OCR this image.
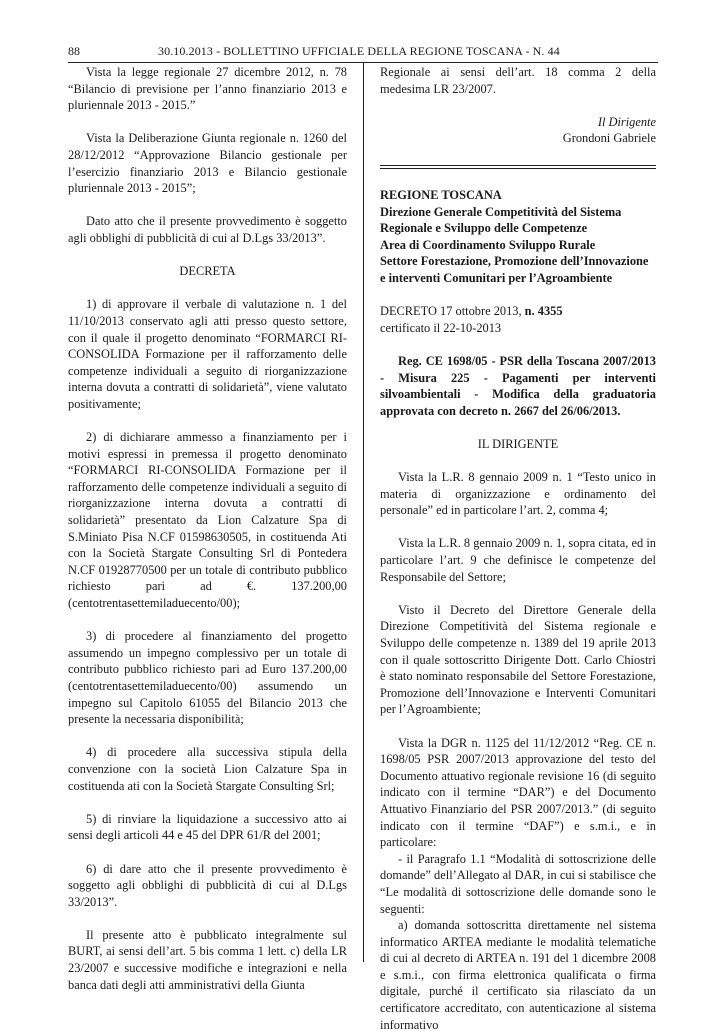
88	30.10.2013 - BOLLETTINO UFFICIALE DELLA REGIONE TOSCANA - N. 44

Vista la legge regionale 27 dicembre 2012, n. 78 “Bilancio di previsione per l’anno finanziario 2013 e pluriennale 2013 - 2015.”

Vista la Deliberazione Giunta regionale n. 1260 del 28/12/2012 “Approvazione Bilancio gestionale per l’esercizio finanziario 2013 e Bilancio gestionale pluriennale 2013 - 2015”;

Dato atto che il presente provvedimento è soggetto agli obblighi di pubblicità di cui al D.Lgs 33/2013”.

DECRETA

1) di approvare il verbale di valutazione n. 1 del 11/10/2013 conservato agli atti presso questo settore, con il quale il progetto denominato “FORMARCI RI-CONSOLIDA Formazione per il rafforzamento delle competenze individuali a seguito di riorganizzazione interna dovuta a contratti di solidarietà”, viene valutato positivamente;

2) di dichiarare ammesso a finanziamento per i motivi espressi in premessa il progetto denominato “FORMARCI RI-CONSOLIDA Formazione per il rafforzamento delle competenze individuali a seguito di riorganizzazione interna dovuta a contratti di solidarietà” presentato da Lion Calzature Spa di S.Miniato Pisa N.CF 01598630505, in costituenda Ati con la Società Stargate Consulting Srl di Pontedera N.CF 01928770500 per un totale di contributo pubblico richiesto pari ad €. 137.200,00 (centotrentasettemiladuecento/00);

3) di procedere al finanziamento del progetto assumendo un impegno complessivo per un totale di contributo pubblico richiesto pari ad Euro 137.200,00 (centotrentasettemiladuecento/00) assumendo un impegno sul Capitolo 61055 del Bilancio 2013 che presente la necessaria disponibilità;

4) di procedere alla successiva stipula della convenzione con la società Lion Calzature Spa in costituenda ati con la Società Stargate Consulting Srl;

5) di rinviare la liquidazione a successivo atto ai sensi degli articoli 44 e 45 del DPR 61/R del 2001;

6) di dare atto che il presente provvedimento è soggetto agli obblighi di pubblicità di cui al D.Lgs 33/2013”.

Il presente atto è pubblicato integralmente sul BURT, ai sensi dell’art. 5 bis comma 1 lett. c) della LR 23/2007 e successive modifiche e integrazioni e nella banca dati degli atti amministrativi della Giunta

Regionale ai sensi dell’art. 18 comma 2 della medesima LR 23/2007.

Il Dirigente

Grondoni Gabriele

REGIONE TOSCANA

Direzione Generale Competitività del Sistema Regionale e Sviluppo delle Competenze

Area di Coordinamento Sviluppo Rurale

Settore Forestazione, Promozione dell’Innovazione e interventi Comunitari per l’Agroambiente

DECRETO 17 ottobre 2013, n. 4355

certificato il 22-10-2013

Reg. CE 1698/05 - PSR della Toscana 2007/2013 - Misura 225 - Pagamenti per interventi silvoambientali - Modifica della graduatoria approvata con decreto n. 2667 del 26/06/2013.

IL DIRIGENTE

Vista la L.R. 8 gennaio 2009 n. 1 “Testo unico in materia di organizzazione e ordinamento del personale” ed in particolare l’art. 2, comma 4;

Vista la L.R. 8 gennaio 2009 n. 1, sopra citata, ed in particolare l’art. 9 che definisce le competenze del Responsabile del Settore;

Visto il Decreto del Direttore Generale della Direzione Competitività del Sistema regionale e Sviluppo delle competenze n. 1389 del 19 aprile 2013 con il quale sottoscritto Dirigente Dott. Carlo Chiostri è stato nominato responsabile del Settore Forestazione, Promozione dell’Innovazione e Interventi Comunitari per l’Agroambiente;

Vista la DGR n. 1125 del 11/12/2012 “Reg. CE n. 1698/05 PSR 2007/2013 approvazione del testo del Documento attuativo regionale revisione 16 (di seguito indicato con il termine “DAR”) e del Documento Attuativo Finanziario del PSR 2007/2013.” (di seguito indicato con il termine “DAF”) e s.m.i., e in particolare:

- il Paragrafo 1.1 “Modalità di sottoscrizione delle domande” dell’Allegato al DAR, in cui si stabilisce che “Le modalità di sottoscrizione delle domande sono le seguenti:

a) domanda sottoscritta direttamente nel sistema informatico ARTEA mediante le modalità telematiche di cui al decreto di ARTEA n. 191 del 1 dicembre 2008 e s.m.i., con firma elettronica qualificata o firma digitale, purché il certificato sia rilasciato da un certificatore accreditato, con autenticazione al sistema informativo
